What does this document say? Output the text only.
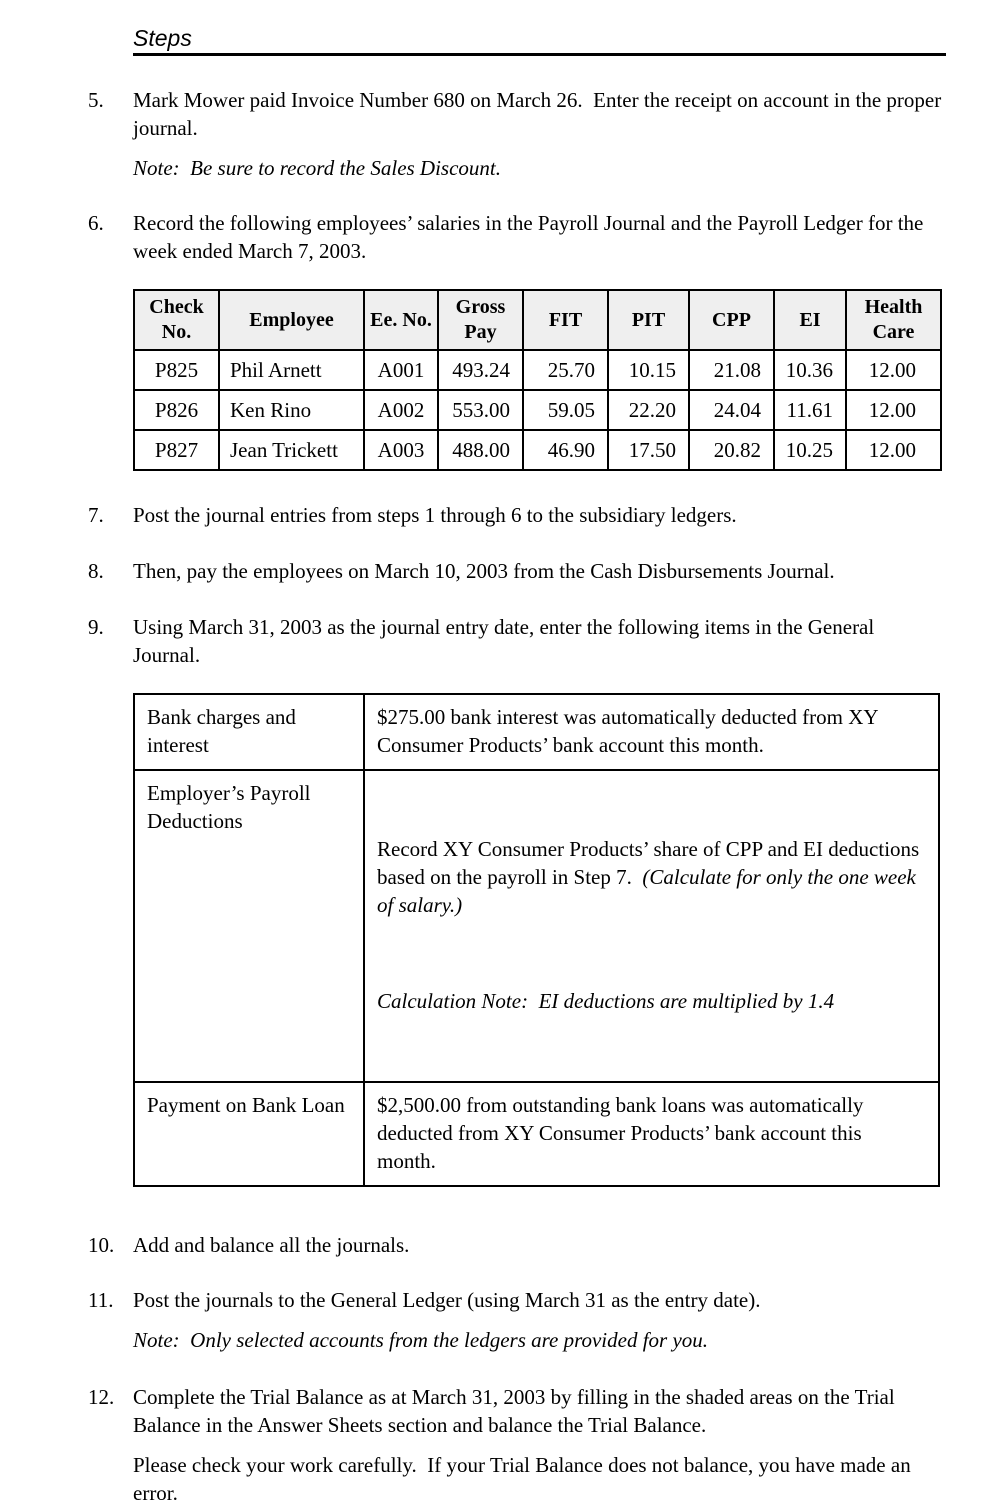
Steps
5.	Mark Mower paid Invoice Number 680 on March 26.  Enter the receipt on account in the proper journal.

Note:  Be sure to record the Sales Discount.

6.	Record the following employees’ salaries in the Payroll Journal and the Payroll Ledger for the week ended March 7, 2003.

Check No.	Employee	Ee. No.	Gross Pay	FIT	PIT	CPP	EI	Health Care
P825	Phil Arnett	A001	493.24	25.70	10.15	21.08	10.36	12.00
P826	Ken Rino	A002	553.00	59.05	22.20	24.04	11.61	12.00
P827	Jean Trickett	A003	488.00	46.90	17.50	20.82	10.25	12.00
7.	Post the journal entries from steps 1 through 6 to the subsidiary ledgers.

8.	Then, pay the employees on March 10, 2003 from the Cash Disbursements Journal.

9.	Using March 31, 2003 as the journal entry date, enter the following items in the General Journal.

Bank charges and interest	$275.00 bank interest was automatically deducted from XY Consumer Products’ bank account this month.
Employer’s Payroll Deductions	Record XY Consumer Products’ share of CPP and EI deductions based on the payroll in Step 7.  (Calculate for only the one week of salary.)

Calculation Note:  EI deductions are multiplied by 1.4

Payment on Bank Loan	$2,500.00 from outstanding bank loans was automatically deducted from XY Consumer Products’ bank account this month.
10. Add and balance all the journals.

11. Post the journals to the General Ledger (using March 31 as the entry date).

Note:  Only selected accounts from the ledgers are provided for you.

12. Complete the Trial Balance as at March 31, 2003 by filling in the shaded areas on the Trial Balance in the Answer Sheets section and balance the Trial Balance.

Please check your work carefully.  If your Trial Balance does not balance, you have made an error.
